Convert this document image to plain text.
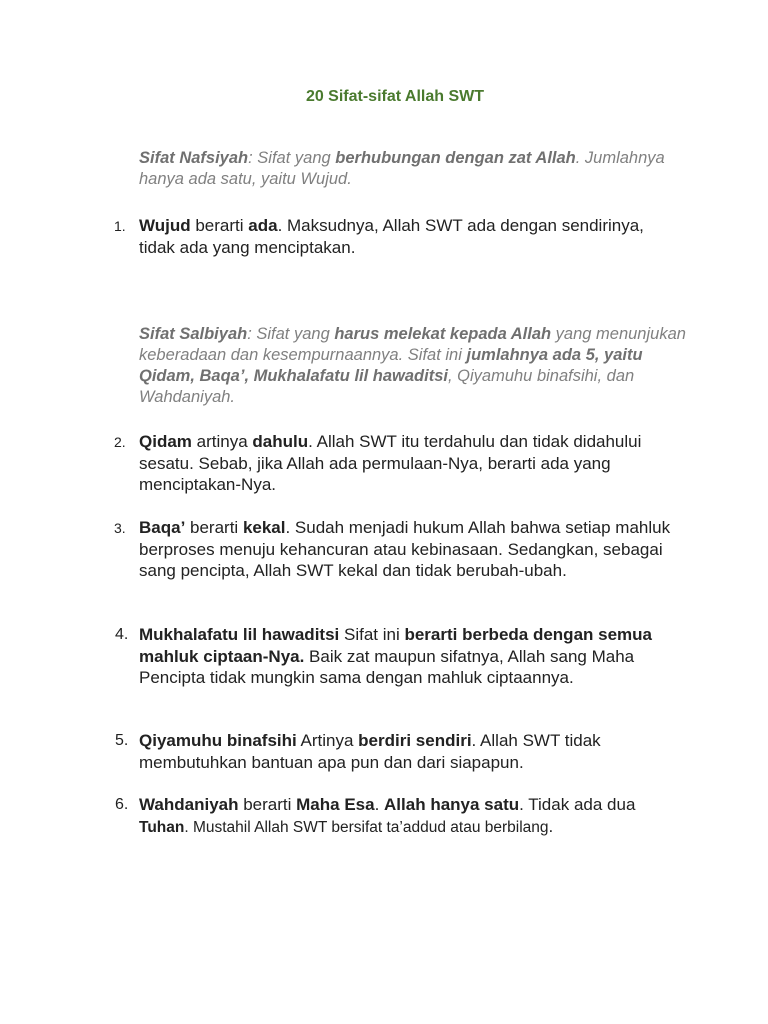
20 Sifat-sifat Allah SWT
Sifat Nafsiyah: Sifat yang berhubungan dengan zat Allah. Jumlahnya hanya ada satu, yaitu Wujud.
1. Wujud berarti ada. Maksudnya, Allah SWT ada dengan sendirinya, tidak ada yang menciptakan.
Sifat Salbiyah: Sifat yang harus melekat kepada Allah yang menunjukan keberadaan dan kesempurnaannya. Sifat ini jumlahnya ada 5, yaitu Qidam, Baqa’, Mukhalafatu lil hawaditsi, Qiyamuhu binafsihi, dan Wahdaniyah.
2. Qidam artinya dahulu. Allah SWT itu terdahulu dan tidak didahului sesatu. Sebab, jika Allah ada permulaan-Nya, berarti ada yang menciptakan-Nya.
3. Baqa’ berarti kekal. Sudah menjadi hukum Allah bahwa setiap mahluk berproses menuju kehancuran atau kebinasaan. Sedangkan, sebagai sang pencipta, Allah SWT kekal dan tidak berubah-ubah.
4. Mukhalafatu lil hawaditsi Sifat ini berarti berbeda dengan semua mahluk ciptaan-Nya. Baik zat maupun sifatnya, Allah sang Maha Pencipta tidak mungkin sama dengan mahluk ciptaannya.
5. Qiyamuhu binafsihi Artinya berdiri sendiri. Allah SWT tidak membutuhkan bantuan apa pun dan dari siapapun.
6. Wahdaniyah berarti Maha Esa. Allah hanya satu. Tidak ada dua Tuhan. Mustahil Allah SWT bersifat ta’addud atau berbilang.
